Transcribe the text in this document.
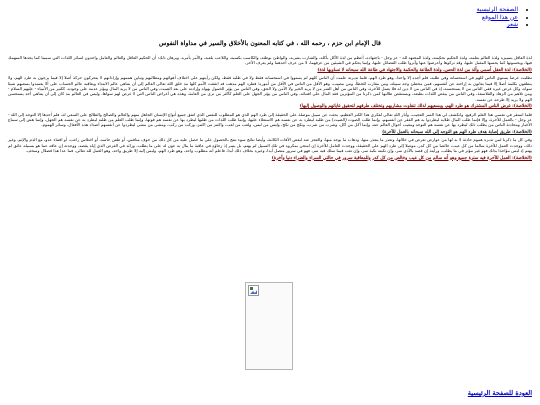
• الصفحة الرئيسية
• عن هذا الموقع
• شعر
قال الإمام ابن حزم ، رحمه الله ، في كتابه المعنون بالأخلاق والسير في مداواة النفوس

لذة العاقل بتمييزه ولذة العالم بعلمه، ولذة الحكيم بحكمته، ولذة المجتهد لله - عز وجل - باجتهاده، أعظم من لذة الآكل بأكله، والشارب بشربه، والواطئ بوطئه، والكاسب بكسبه، واللاعب بلعبه، والآمر بأمره، وبرهان ذلك: أن الحكيم العاقل والعالم والعامل واجدون لسائر اللذات التي سمينا كما يجدها المنهمك فيها، ويحسونها كما يحسها المقبل عليها، وقد تركوها وأعرضوا عنها وآثروا طلب الفضائل عليها، وإنما يحكم في الشيئين من عرفهما، لا من عرف أحدهما ولم يعرف الآخر.

(الخلاصة): لذة العقل أسمى وألذ من لذة الحس، ولذة الطاعة والحكمة والاجتهاد في طاعة الله سبحانه لا تساويها لذة)

تطلبت غرضا يستوي الناس كلهم في استحسانه وفي طلبه، فلم أجده إلا واحدا، وهو طرد الهم، فلما تدبرته علمت أن الناس كلهم لم يستووا في استحسانه فقط ولا في طلبه فقط، ولكن رأيتهم على اختلاف أهوائهم ومطالبهم وتباين هممهم وإراداتهم لا يتحركون حركة أصلا إلا فيما يرجون به طرد الهم، ولا ينطقون بكلمة أصلا إلا فيما يعانون به إزاحته عن أنفسهم، فمن مخطئ وجه سبيله، ومن مقارب للخطأ، ومن مصيب، وهو الأقل من الناس في الأقل من أموره؛ فطرد الهم مذهب قد اتفقت الأمم كلها مذ خلق الله تعالى العالم إلى أن يتناهى عالم الابتداء ويعاقبه عالم الحساب على ألا يعتمدوا بسعيهم شيئا سواه، وكل غرض غيره ففي الناس من لا يستحسنه، إذ في الناس من لا دين له فلا يعمل للآخرة، وفي الناس من أهل الشر من لا يريد الخير ولا الأمن ولا الحق، وفي الناس من يؤثر الخمول بهواه وإرادته على بعد الصيت، وفي الناس من لا يريد المال ويؤثر عدمه على وجوده، ككثير من الأنبياء - عليهم السلام - ومن تلاهم من الزهاد والفلاسفة، وفي الناس من يبغض اللذات بطبعه، ويستنقص طالبها كمن ذكرنا من المؤثرين فقد المال على اقتنائه، وفي الناس من يؤثر الجهل على العلم كأكثر من ترى من العامة، وهذه هي أغراض الناس التي لا غرض لهم سواها، وليس في العالم مذ كان إلى أن يتناهى أحد يستحسن الهم ولا يريد إلا طرحه عن نفسه.

(الخلاصة): غرض الناس المشترك هو طرد الهم، وبسعيهم لذلك تتفاوت مشاربهم وتختلف طرقهم لتحقيق غاياتهم والوصول إليها)

فلما استقر في نفسي هذا العلم الرفيع، وانكشف لي هذا السر العجيب، وأنار الله تعالى لفكري هذا الكنز العظيم، بحثت عن سبيل موصلة على الحقيقة إلى طرد الهم الذي هو المطلوب للنفس الذي اتفق جميع أنواع الإنسان الجاهل منهم والعالم والصالح والطالح على السعي له، فلم أجدها إلا التوجه إلى الله - عز وجل - بالعمل للآخرة، وإلا فإنما طلب المال طلابه ليطردوا به هم الفقر عن أنفسهم، وإنما طلب الصوت (الصيت) من طلبه ليطرد به عن نفسه هم الاستعلاء عليها، وإنما طلب اللذات من طلبها ليطرد بها عن نفسه هم فوتها، وإنما طلب العلم من طلبه ليطرد به عن نفسه هم الجهل، وإنما هش إلى سماع الأخبار ومحادثة الناس من يطلب ذلك ليطرد بها عن نفسه هم التوحد ومغيب أحوال العالم عنه، وإنما أكل من أكل، وشرب من شرب، ونكح من نكح، ولبس من لبس، ولعب من لعب، واكتنز من اكتنز، وركب من ركب، ومشى من مشى ليطردوا عن أنفسهم أضداد هذه الأفعال، وسائر الهموم.

(الخلاصة): طريق إصابة هدف طرد الهم هو التوجه إلى الله سبحانه بالعمل للآخرة)

وفي كل ما ذكرنا لمن تدبره هموم حادثة لا بد لها من عوارض تعرض في خلالها، وتعذر ما يتعذر منها، وذهاب ما يوجد منها، والعجز عنه لبعض الآفات الكائنة، وأيضا نتائج سوء تنتج بالحصول على ما حصل عليه من كل ذلك من خوف منافس، أو طعن حاسد، أو اختلاس راغب، أو اقتناء عدو، مع الذم والإثم، وغير ذلك، ووجدت العمل للآخرة سالما من كل عيب، خالصا من كل كدر، موصلا إلى طرد الهم على الحقيقة، ووجدت العامل للآخرة إن امتحن بمكروه في تلك السبيل لم يهتم، بل يسر إذ رجاؤه في عاقبة ما ينال به عون له على ما يطلب، وزائد في الغرض الذي إياه يقصد، ووجدته إن عاقه عما هو بسبيله عائق لم يهتم إذ ليس مؤاخذا بذلك فهو غير مؤثر في ما يطلب، ورأيته إن قصد بالأذى سر، وإن نكبته نكبة سر، وإن تعب فيما سلك فيه سر، فهو في سرور متصل أبدا، وغيره بخلاف ذلك أبدا، فاعلم أنه مطلوب واحد، وهو طرد الهم، وليس إليه إلا طريق واحد، وهو العمل لله تعالى، فما عدا هذا فضلال وسخف.

(الخلاصة): العمل للآخرة فيه سترة جميع وهو أنه سالم من كل عيب وخالص من كل كدر وللمعاقبة سرور في حالتي السراء والضراء دنيا وآخرة)
العودة للصفحة الرئيسية
